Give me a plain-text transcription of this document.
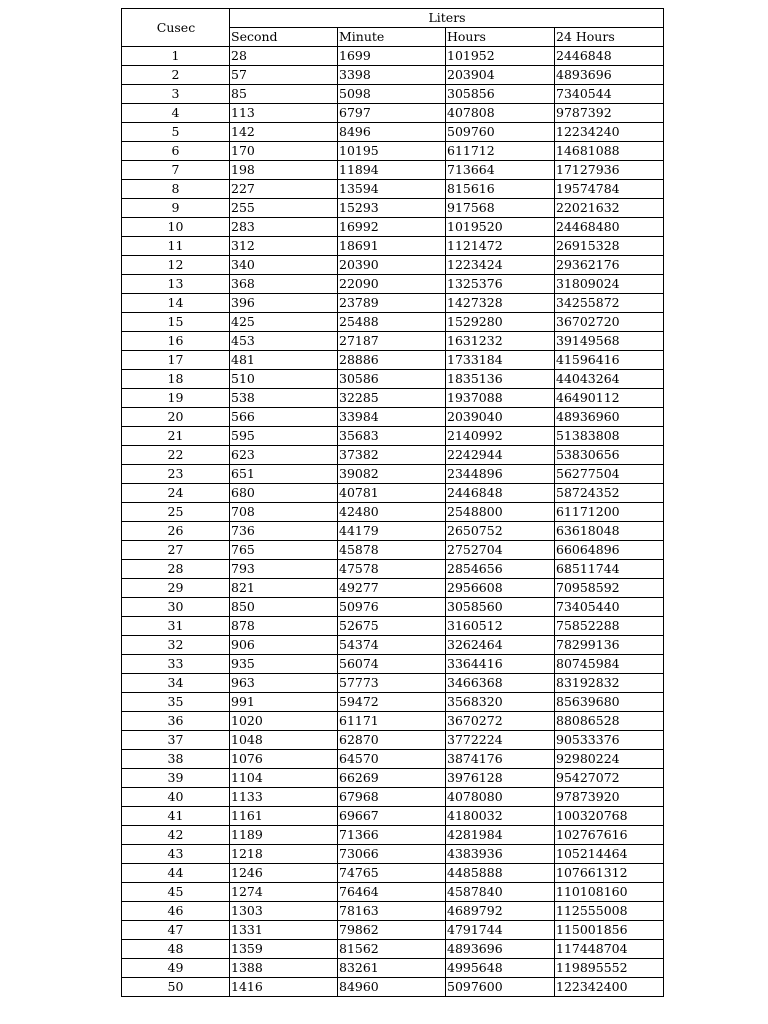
Cusec	Liters			
	Second	Minute	Hours	24 Hours
1	28	1699	101952	2446848
2	57	3398	203904	4893696
3	85	5098	305856	7340544
4	113	6797	407808	9787392
5	142	8496	509760	12234240
6	170	10195	611712	14681088
7	198	11894	713664	17127936
8	227	13594	815616	19574784
9	255	15293	917568	22021632
10	283	16992	1019520	24468480
11	312	18691	1121472	26915328
12	340	20390	1223424	29362176
13	368	22090	1325376	31809024
14	396	23789	1427328	34255872
15	425	25488	1529280	36702720
16	453	27187	1631232	39149568
17	481	28886	1733184	41596416
18	510	30586	1835136	44043264
19	538	32285	1937088	46490112
20	566	33984	2039040	48936960
21	595	35683	2140992	51383808
22	623	37382	2242944	53830656
23	651	39082	2344896	56277504
24	680	40781	2446848	58724352
25	708	42480	2548800	61171200
26	736	44179	2650752	63618048
27	765	45878	2752704	66064896
28	793	47578	2854656	68511744
29	821	49277	2956608	70958592
30	850	50976	3058560	73405440
31	878	52675	3160512	75852288
32	906	54374	3262464	78299136
33	935	56074	3364416	80745984
34	963	57773	3466368	83192832
35	991	59472	3568320	85639680
36	1020	61171	3670272	88086528
37	1048	62870	3772224	90533376
38	1076	64570	3874176	92980224
39	1104	66269	3976128	95427072
40	1133	67968	4078080	97873920
41	1161	69667	4180032	100320768
42	1189	71366	4281984	102767616
43	1218	73066	4383936	105214464
44	1246	74765	4485888	107661312
45	1274	76464	4587840	110108160
46	1303	78163	4689792	112555008
47	1331	79862	4791744	115001856
48	1359	81562	4893696	117448704
49	1388	83261	4995648	119895552
50	1416	84960	5097600	122342400
